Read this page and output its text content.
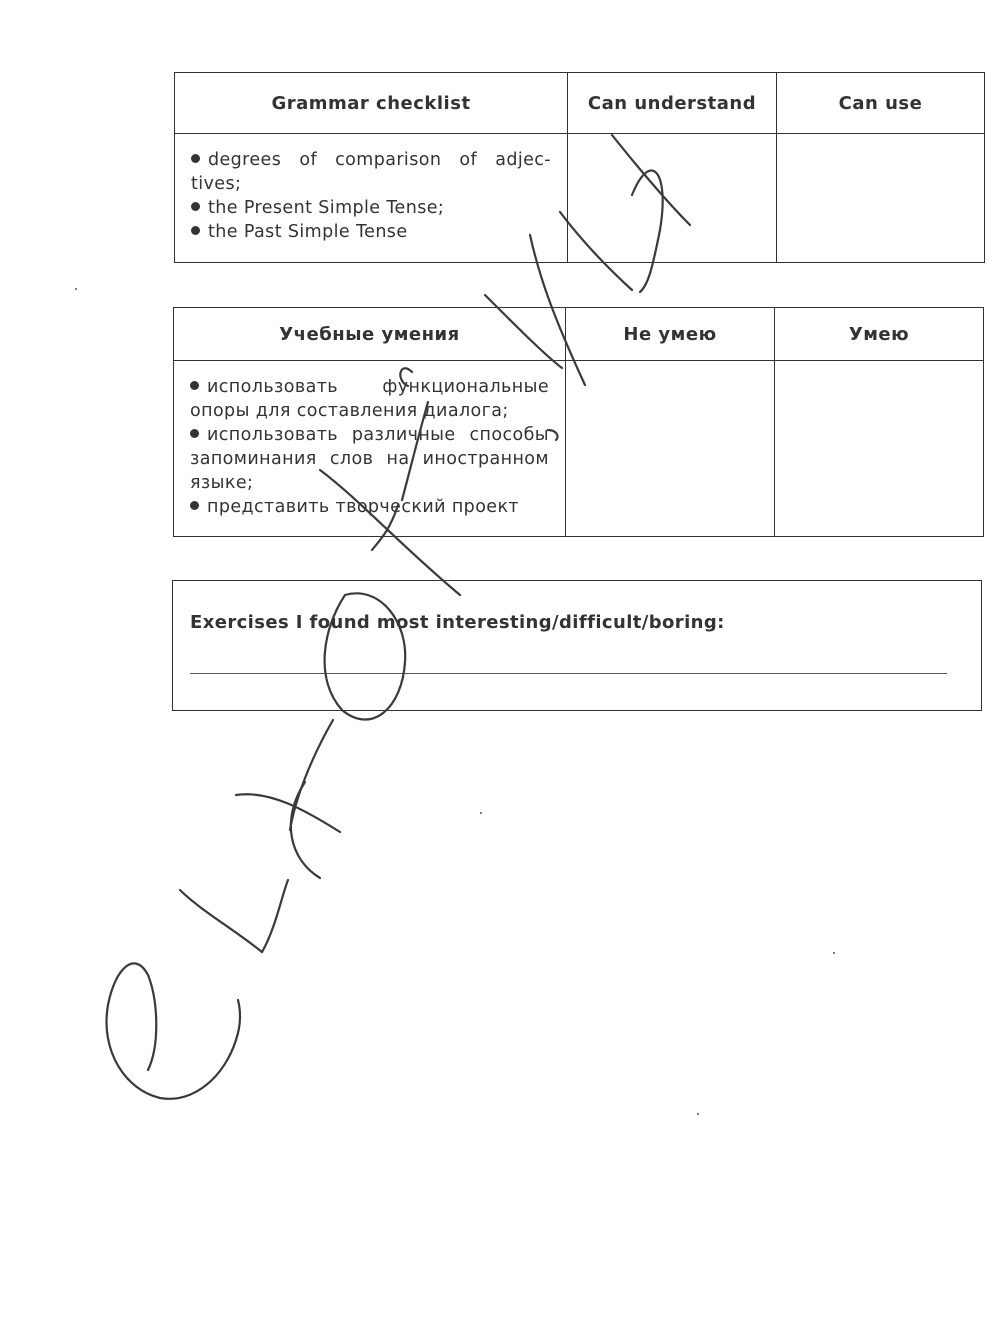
Grammar checklist	Can understand	Can use

degrees of comparison of adjec-tives;
the Present Simple Tense;
the Past Simple Tense		

Учебные умения	Не умею	Умею

использовать функциональные опоры для составления диалога;
использовать различные способы запоминания слов на иностранном языке;
представить творческий проект		

Exercises I found most interesting/difficult/boring:
